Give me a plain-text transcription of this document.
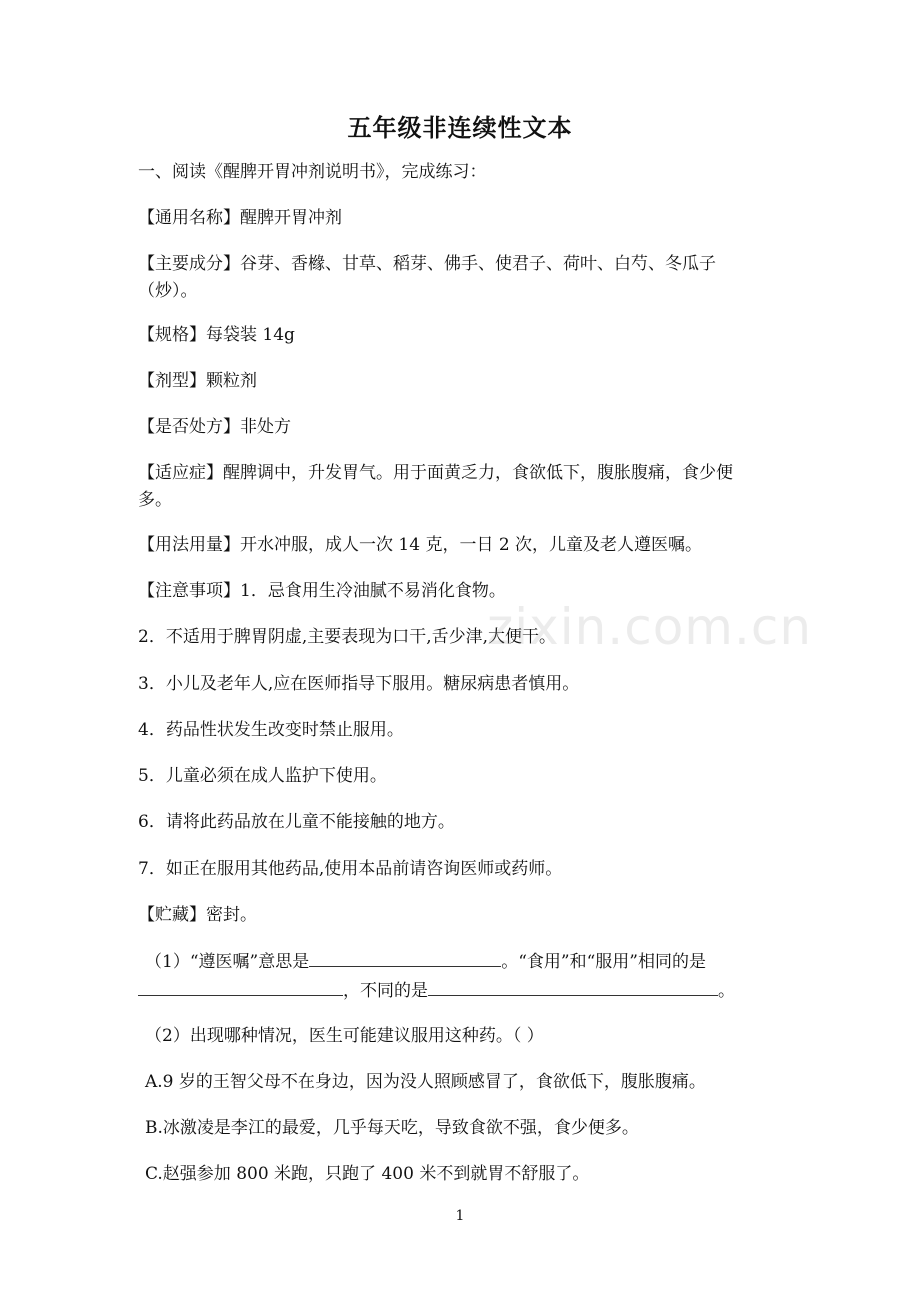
五年级非连续性文本
一、阅读《醒脾开胃冲剂说明书》，完成练习：
【通用名称】醒脾开胃冲剂
【主要成分】谷芽、香橼、甘草、稻芽、佛手、使君子、荷叶、白芍、冬瓜子
（炒）。
【规格】每袋装 14g
【剂型】颗粒剂
【是否处方】非处方
【适应症】醒脾调中，升发胃气。用于面黄乏力，食欲低下，腹胀腹痛，食少便
多。
【用法用量】开水冲服，成人一次 14 克，一日 2 次，儿童及老人遵医嘱。
【注意事项】1．忌食用生冷油腻不易消化食物。
2．不适用于脾胃阴虚,主要表现为口干,舌少津,大便干。
3．小儿及老年人,应在医师指导下服用。糖尿病患者慎用。
4．药品性状发生改变时禁止服用。
5．儿童必须在成人监护下使用。
6．请将此药品放在儿童不能接触的地方。
7．如正在服用其他药品,使用本品前请咨询医师或药师。
【贮藏】密封。
（1）“遵医嘱”意思是	。“食用”和“服用”相同的是
，不同的是	。
（2）出现哪种情况，医生可能建议服用这种药。（ ）
A.9 岁的王智父母不在身边，因为没人照顾感冒了，食欲低下，腹胀腹痛。
B.冰激凌是李江的最爱，几乎每天吃，导致食欲不强，食少便多。
C.赵强参加 800 米跑，只跑了 400 米不到就胃不舒服了。
zixin.com.cn
1
